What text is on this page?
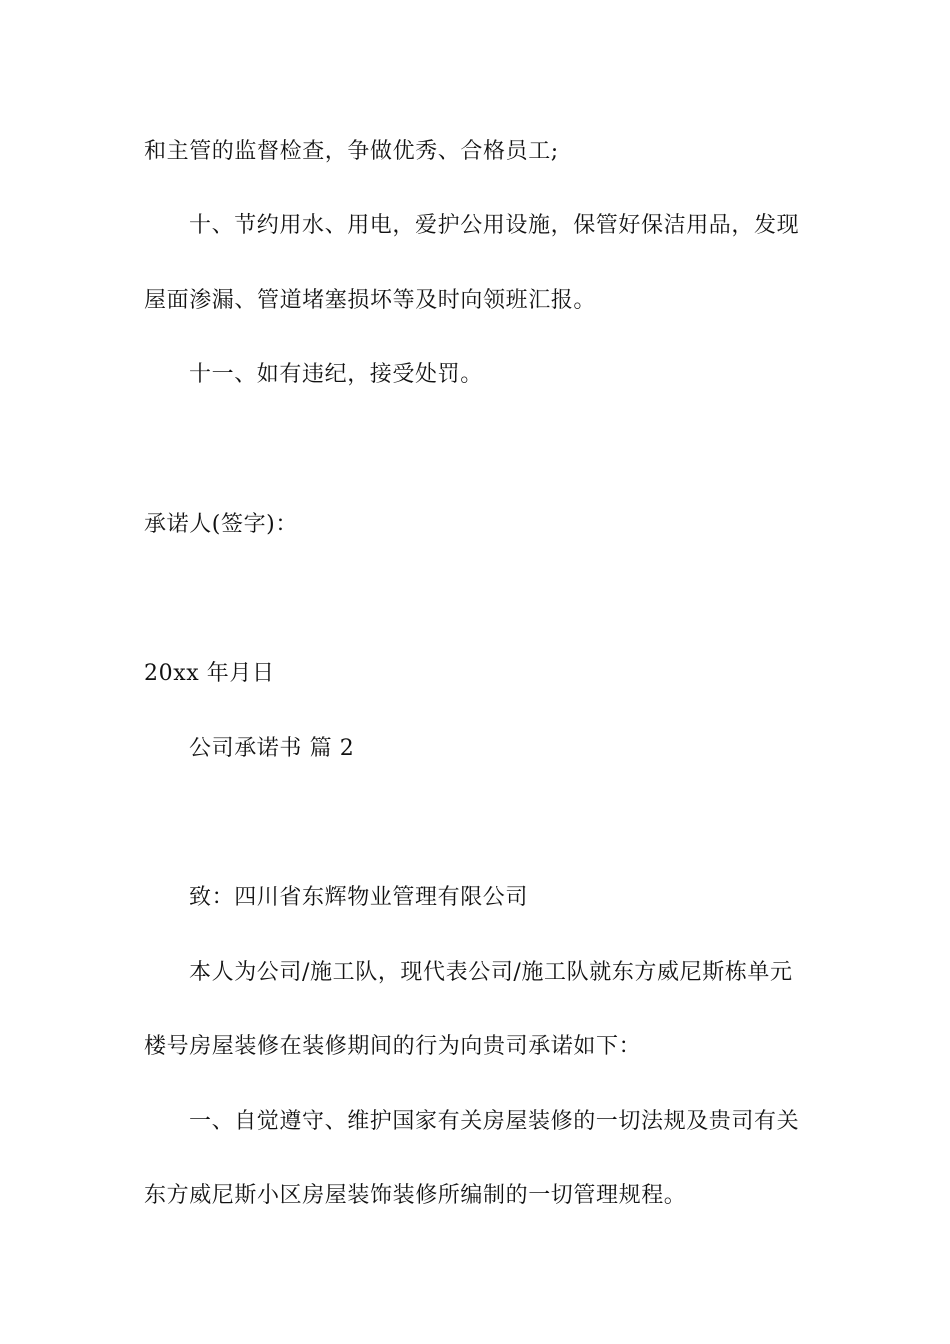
和主管的监督检查，争做优秀、合格员工;
十、节约用水、用电，爱护公用设施，保管好保洁用品，发现
屋面渗漏、管道堵塞损坏等及时向领班汇报。
十一、如有违纪，接受处罚。
承诺人(签字)：
20xx 年月日
公司承诺书 篇 2
致：四川省东辉物业管理有限公司
本人为公司/施工队，现代表公司/施工队就东方威尼斯栋单元
楼号房屋装修在装修期间的行为向贵司承诺如下：
一、自觉遵守、维护国家有关房屋装修的一切法规及贵司有关
东方威尼斯小区房屋装饰装修所编制的一切管理规程。
